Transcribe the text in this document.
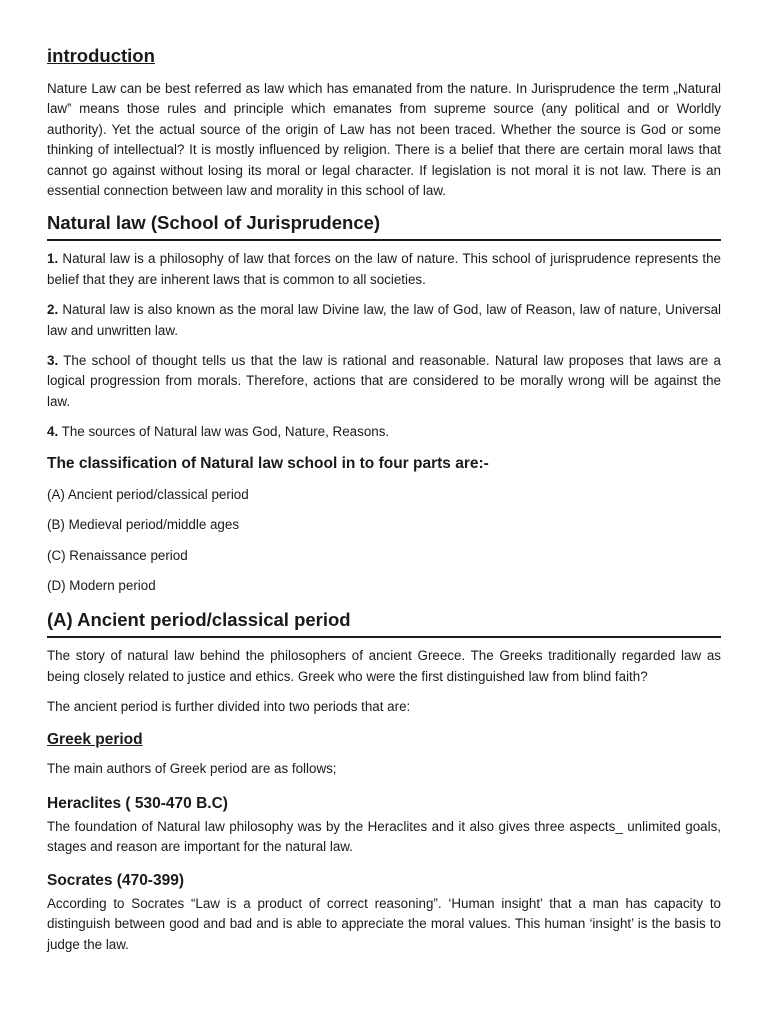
introduction

Nature Law can be best referred as law which has emanated from the nature. In Jurisprudence the term „Natural law‟ means those rules and principle which emanates from supreme source (any political and or Worldly authority). Yet the actual source of the origin of Law has not been traced. Whether the source is God or some thinking of intellectual? It is mostly influenced by religion. There is a belief that there are certain moral laws that cannot go against without losing its moral or legal character. If legislation is not moral it is not law. There is an essential connection between law and morality in this school of law.

Natural law (School of Jurisprudence)

1. Natural law is a philosophy of law that forces on the law of nature. This school of jurisprudence represents the belief that they are inherent laws that is common to all societies.

2. Natural law is also known as the moral law Divine law, the law of God, law of Reason, law of nature, Universal law and unwritten law.

3. The school of thought tells us that the law is rational and reasonable. Natural law proposes that laws are a logical progression from morals. Therefore, actions that are considered to be morally wrong will be against the law.

4. The sources of Natural law was God, Nature, Reasons.

The classification of Natural law school in to four parts are:-

(A) Ancient period/classical period

(B) Medieval period/middle ages

(C) Renaissance period

(D) Modern period

(A) Ancient period/classical period

The story of natural law behind the philosophers of ancient Greece. The Greeks traditionally regarded law as being closely related to justice and ethics. Greek who were the first distinguished law from blind faith?

The ancient period is further divided into two periods that are:

Greek period

The main authors of Greek period are as follows;

Heraclites ( 530-470 B.C)

The foundation of Natural law philosophy was by the Heraclites and it also gives three aspects_ unlimited goals, stages and reason are important for the natural law.

Socrates (470-399)

According to Socrates “Law is a product of correct reasoning”. ‘Human insight’ that a man has capacity to distinguish between good and bad and is able to appreciate the moral values. This human ‘insight’ is the basis to judge the law.
